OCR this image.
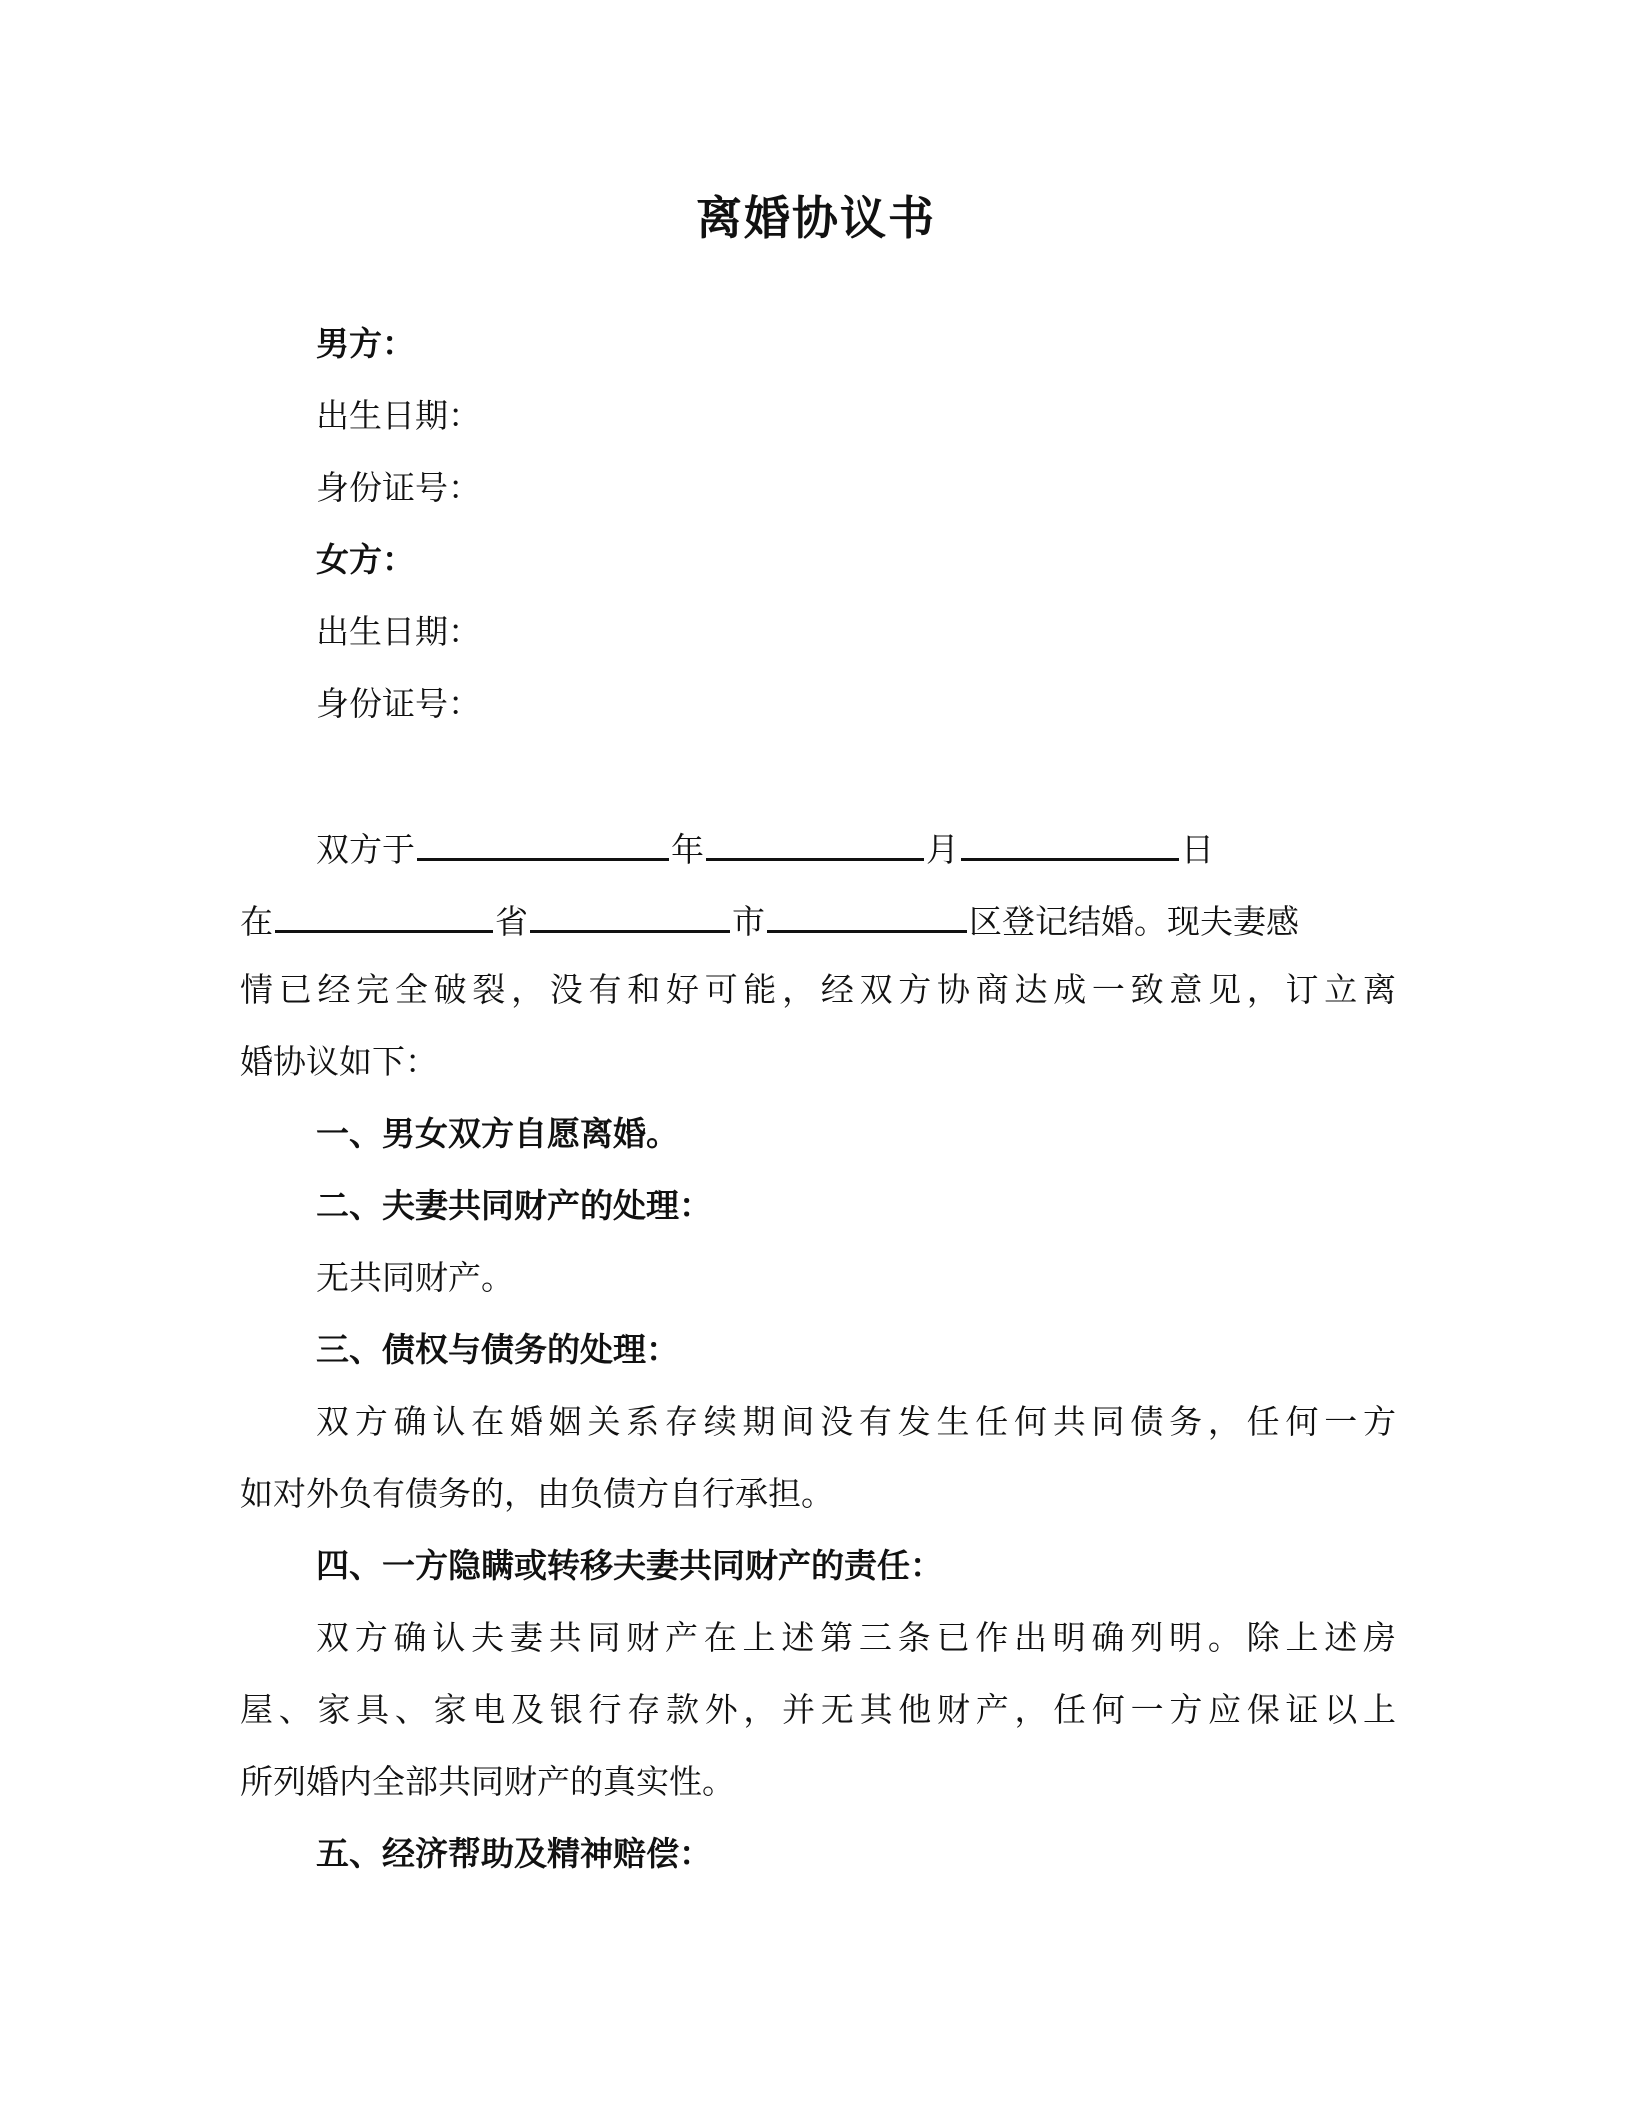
离婚协议书
男方：
出生日期：
身份证号：
女方：
出生日期：
身份证号：
双方于	年	月	日
在	省	市	区登记结婚。现夫妻感
情已经完全破裂，没有和好可能，经双方协商达成一致意见，订立离
婚协议如下：
一、男女双方自愿离婚。
二、夫妻共同财产的处理：
无共同财产。
三、债权与债务的处理：
双方确认在婚姻关系存续期间没有发生任何共同债务，任何一方
如对外负有债务的，由负债方自行承担。
四、一方隐瞒或转移夫妻共同财产的责任：
双方确认夫妻共同财产在上述第三条已作出明确列明。除上述房
屋、家具、家电及银行存款外，并无其他财产，任何一方应保证以上
所列婚内全部共同财产的真实性。
五、经济帮助及精神赔偿：
